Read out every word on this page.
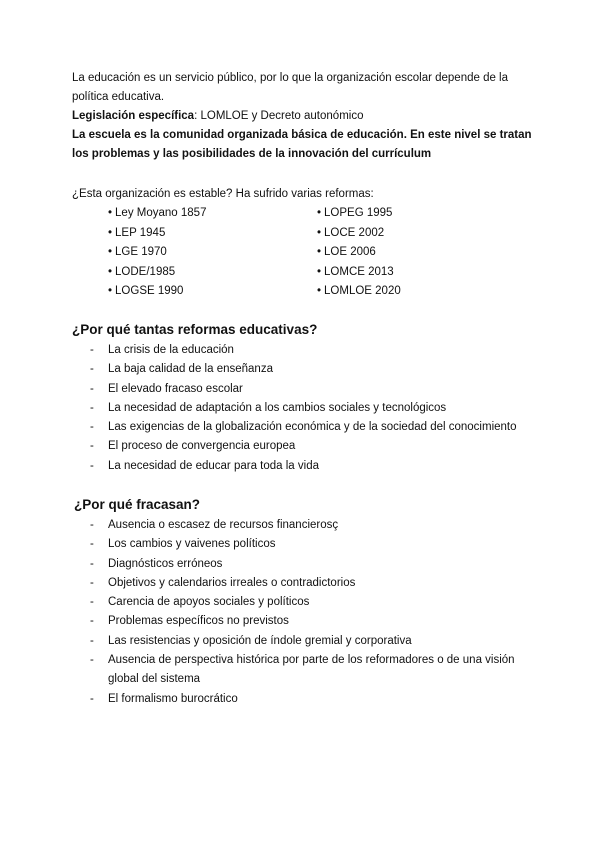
La educación es un servicio público, por lo que la organización escolar depende de la política educativa.

Legislación específica: LOMLOE y Decreto autonómico

La escuela es la comunidad organizada básica de educación. En este nivel se tratan los problemas y las posibilidades de la innovación del currículum

¿Esta organización es estable? Ha sufrido varias reformas:

• Ley Moyano 1857
• LEP 1945
• LGE 1970
• LODE/1985
• LOGSE 1990
• LOPEG 1995
• LOCE 2002
• LOE 2006
• LOMCE 2013
• LOMLOE 2020
¿Por qué tantas reformas educativas?
- La crisis de la educación
- La baja calidad de la enseñanza
- El elevado fracaso escolar
- La necesidad de adaptación a los cambios sociales y tecnológicos
- Las exigencias de la globalización económica y de la sociedad del conocimiento
- El proceso de convergencia europea
- La necesidad de educar para toda la vida
¿Por qué fracasan?
- Ausencia o escasez de recursos financierosç
- Los cambios y vaivenes políticos
- Diagnósticos erróneos
- Objetivos y calendarios irreales o contradictorios
- Carencia de apoyos sociales y políticos
- Problemas específicos no previstos
- Las resistencias y oposición de índole gremial y corporativa
- Ausencia de perspectiva histórica por parte de los reformadores o de una visión global del sistema
- El formalismo burocrático
